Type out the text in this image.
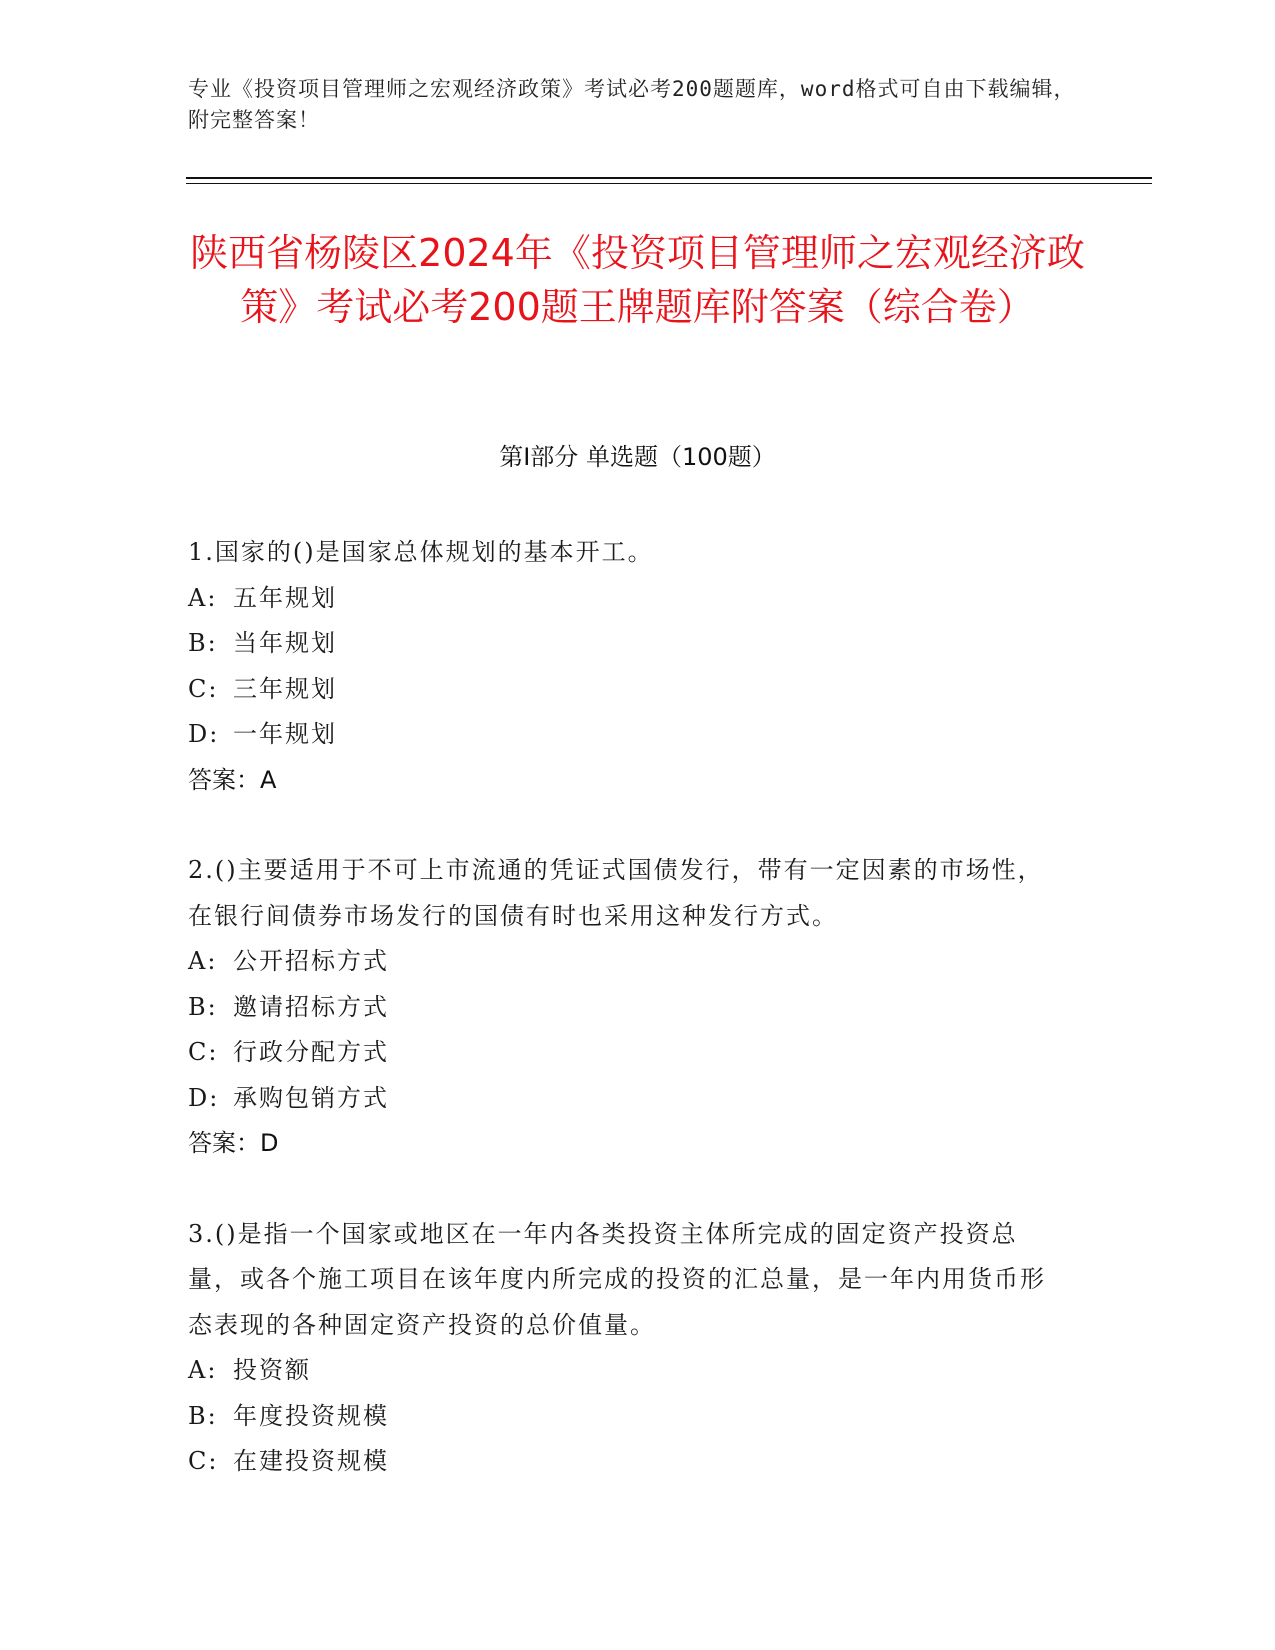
专业《投资项目管理师之宏观经济政策》考试必考200题题库，word格式可自由下载编辑，附完整答案！
陕西省杨陵区2024年《投资项目管理师之宏观经济政策》考试必考200题王牌题库附答案（综合卷）
第I部分 单选题（100题）

1.国家的()是国家总体规划的基本开工。

A: 五年规划

B: 当年规划

C: 三年规划

D: 一年规划

答案：A

2.()主要适用于不可上市流通的凭证式国债发行，带有一定因素的市场性，在银行间债券市场发行的国债有时也采用这种发行方式。

A: 公开招标方式

B: 邀请招标方式

C: 行政分配方式

D: 承购包销方式

答案：D

3.()是指一个国家或地区在一年内各类投资主体所完成的固定资产投资总量，或各个施工项目在该年度内所完成的投资的汇总量，是一年内用货币形态表现的各种固定资产投资的总价值量。

A: 投资额

B: 年度投资规模

C: 在建投资规模
